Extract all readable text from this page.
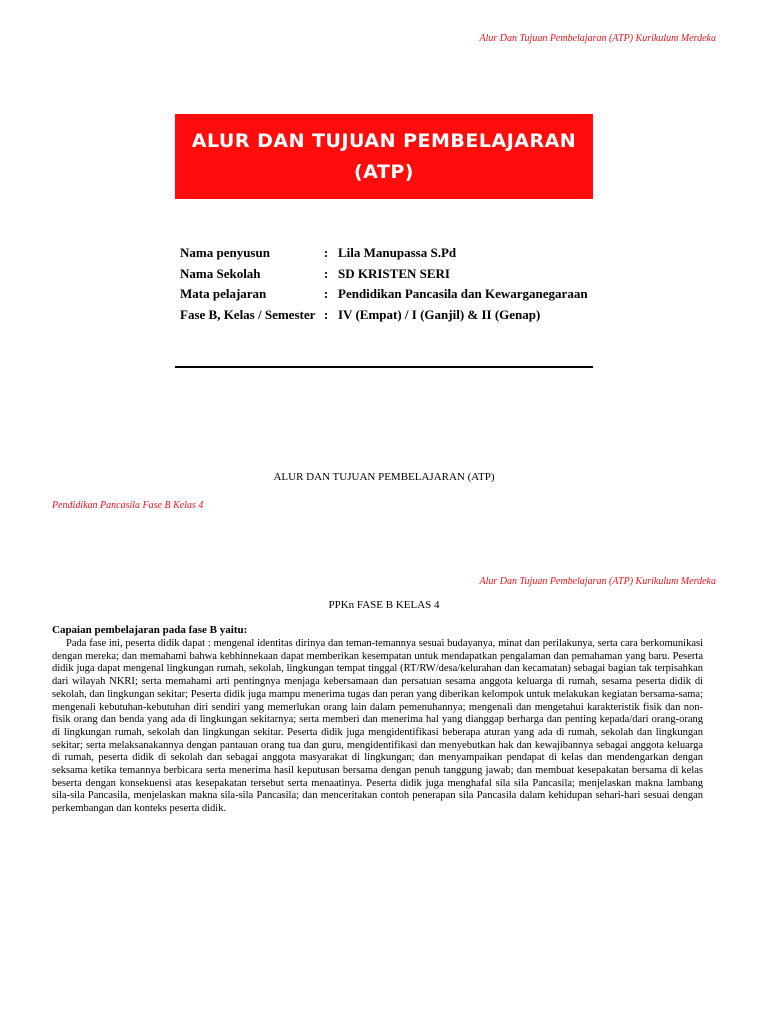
Alur Dan Tujuan Pembelajaran (ATP) Kurikulum Merdeka
ALUR DAN TUJUAN PEMBELAJARAN
(ATP)
Nama penyusun	:	Lila Manupassa S.Pd
Nama Sekolah	:	SD KRISTEN SERI
Mata pelajaran	:	Pendidikan Pancasila dan Kewarganegaraan
Fase B, Kelas / Semester	:	IV (Empat) / I (Ganjil) & II (Genap)
ALUR DAN TUJUAN PEMBELAJARAN (ATP)
Pendidikan Pancasila Fase B Kelas 4
Alur Dan Tujuan Pembelajaran (ATP) Kurikulum Merdeka
PPKn FASE B KELAS 4
Capaian pembelajaran pada fase B yaitu:

Pada fase ini, peserta didik dapat : mengenal identitas dirinya dan teman-temannya sesuai budayanya, minat dan perilakunya, serta cara berkomunikasi dengan mereka; dan memahami bahwa kebhinnekaan dapat memberikan kesempatan untuk mendapatkan pengalaman dan pemahaman yang baru. Peserta didik juga dapat mengenal lingkungan rumah, sekolah, lingkungan tempat tinggal (RT/RW/desa/kelurahan dan kecamatan) sebagai bagian tak terpisahkan dari wilayah NKRI; serta memahami arti pentingnya menjaga kebersamaan dan persatuan sesama anggota keluarga di rumah, sesama peserta didik di sekolah, dan lingkungan sekitar; Peserta didik juga mampu menerima tugas dan peran yang diberikan kelompok untuk melakukan kegiatan bersama-sama; mengenali kebutuhan-kebutuhan diri sendiri yang memerlukan orang lain dalam pemenuhannya; mengenali dan mengetahui karakteristik fisik dan non-fisik orang dan benda yang ada di lingkungan sekitarnya; serta memberi dan menerima hal yang dianggap berharga dan penting kepada/dari orang-orang di lingkungan rumah, sekolah dan lingkungan sekitar. Peserta didik juga mengidentifikasi beberapa aturan yang ada di rumah, sekolah dan lingkungan sekitar; serta melaksanakannya dengan pantauan orang tua dan guru, mengidentifikasi dan menyebutkan hak dan kewajibannya sebagai anggota keluarga di rumah, peserta didik di sekolah dan sebagai anggota masyarakat di lingkungan; dan menyampaikan pendapat di kelas dan mendengarkan dengan seksama ketika temannya berbicara serta menerima hasil keputusan bersama dengan penuh tanggung jawab; dan membuat kesepakatan bersama di kelas beserta dengan konsekuensi atas kesepakatan tersebut serta menaatinya. Peserta didik juga menghafal sila sila Pancasila; menjelaskan makna lambang sila-sila Pancasila, menjelaskan makna sila-sila Pancasila; dan menceritakan contoh penerapan sila Pancasila dalam kehidupan sehari-hari sesuai dengan perkembangan dan konteks peserta didik.
